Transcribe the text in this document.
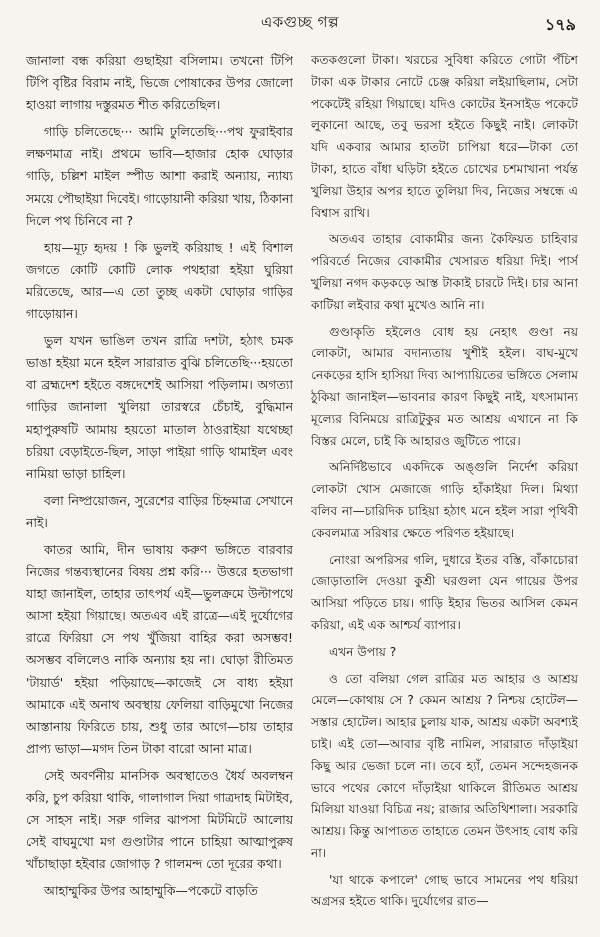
একগুচ্ছ গল্প	১৭৯

জানালা বন্ধ করিয়া গুছাইয়া বসিলাম। তখনো টিপি টিপি বৃষ্টির বিরাম নাই, ভিজে পোষাকের উপর জোলো হাওয়া লাগায় দস্তুরমত শীত করিতেছিল।

গাড়ি চলিতেছে··· আমি ঢুলিতেছি···পথ ফুরাইবার লক্ষণমাত্র নাই। প্রথমে ভাবি—হাজার হোক ঘোড়ার গাড়ি, চল্লিশ মাইল স্পীড আশা করাই অন্যায়, ন্যায্য সময়ে পৌছাইয়া দিবেই। গাড়োয়ানী করিয়া খায়, ঠিকানা দিলে পথ চিনিবে না ?

হায়—মূঢ় হৃদয় ! কি ভুলই করিয়াছ ! এই বিশাল জগতে কোটি কোটি লোক পথহারা হইয়া ঘুরিয়া মরিতেছে, আর—এ তো তুচ্ছ একটা ঘোড়ার গাড়ির গাড়োয়ান।

ভুল যখন ভাঙিল তখন রাত্রি দশটা, হঠাৎ চমক ভাঙা হইয়া মনে হইল সারারাত বুঝি চলিতেছি···হয়তো বা ব্রহ্মদেশ হইতে বঙ্গদেশেই আসিয়া পড়িলাম। অগত্যা গাড়ির জানালা খুলিয়া তারস্বরে চেঁচাই, বুদ্ধিমান মহাপুরুষটি আমায় হয়তো মাতাল ঠাওরাইয়া যথেচ্ছা চরিয়া বেড়াইতে-ছিল, সাড়া পাইয়া গাড়ি থামাইল এবং নামিয়া ভাড়া চাহিল।

বলা নিষ্প্রয়োজন, সুরেশের বাড়ির চিহ্নমাত্র সেখানে নাই।

কাতর আমি, দীন ভাষায় করুণ ভঙ্গিতে বারবার নিজের গন্তব্যস্থানের বিষয় প্রশ্ন করি··· উত্তরে হতভাগা যাহা জানাইল, তাহার তাৎপর্য এই—ভুলক্রমে উল্টাপথে আসা হইয়া গিয়াছে। অতএব এই রাত্রে—এই দুর্যোগের রাত্রে ফিরিয়া সে পথ খুঁজিয়া বাহির করা অসম্ভব! অসম্ভব বলিলেও নাকি অন্যায় হয় না। ঘোড়া রীতিমত 'টায়ার্ড' হইয়া পড়িয়াছে—কাজেই সে বাধ্য হইয়া আমাকে এই অনাথ অবস্থায় ফেলিয়া বাড়িমুখো নিজের আস্তানায় ফিরিতে চায়, শুধু তার আগে—চায় তাহার প্রাপ্য ভাড়া—মগদ তিন টাকা বারো আনা মাত্র।

সেই অবর্ণনীয় মানসিক অবস্থাতেও ধৈর্য অবলম্বন করি, চুপ করিয়া থাকি, গালাগাল দিয়া গাত্রদাহ মিটাইব, সে সাহস নাই। সরু গলির ঝাপসা মিটমিটে আলোয় সেই বাঘমুখো মগ গুণ্ডাটার পানে চাহিয়া আত্মাপুরুষ খাঁচাছাড়া হইবার জোগাড় ? গালমন্দ তো দূরের কথা।

আহাম্মুকির উপর আহাম্মুকি—পকেটে বাড়তি

কতকগুলো টাকা। খরচের সুবিধা করিতে গোটা পঁচিশ টাকা এক টাকার নোটে চেঞ্জ করিয়া লইয়াছিলাম, সেটা পকেটেই রহিয়া গিয়াছে। যদিও কোটের ইনসাইড পকেটে লুকানো আছে, তবু ভরসা হইতে কিছুই নাই। লোকটা যদি একবার আমার হাতটা চাপিয়া ধরে—টাকা তো টাকা, হাতে বাঁধা ঘড়িটা হইতে চোখের চশমাখানা পর্যন্ত খুলিয়া উহার অপর হাতে তুলিয়া দিব, নিজের সম্বন্ধে এ বিশ্বাস রাখি।

অতএব তাহার বোকামীর জন্য কৈফিয়ত চাহিবার পরিবর্তে নিজের বোকামীর খেসারত ধরিয়া দিই। পার্স খুলিয়া নগদ কড়কড়ে আস্ত টাকাই চারটে দিই। চার আনা কাটিয়া লইবার কথা মুখেও আনি না।

গুণ্ডাকৃতি হইলেও বোধ হয় নেহাৎ গুণ্ডা নয় লোকটা, আমার বদান্যতায় খুশীই হইল। বাঘ-মুখে নেকড়ের হাসি হাসিয়া দিব্য আপ্যায়িতের ভঙ্গিতে সেলাম ঠুকিয়া জানাইল—ভাবনার কারণ কিছুই নাই, যৎসামান্য মূল্যের বিনিময়ে রাত্রিটুকুর মত আশ্রয় এখানে না কি বিস্তর মেলে, চাই কি আহারও জুটিতে পারে।

অনির্দিষ্টভাবে একদিকে অঙ্গুলি নির্দেশ করিয়া লোকটা খোস মেজাজে গাড়ি হাঁকাইয়া দিল। মিথ্যা বলিব না—চারিদিক চাহিয়া হঠাৎ মনে হইল সারা পৃথিবী কেবলমাত্র সরিষার ক্ষেতে পরিণত হইয়াছে।

নোংরা অপরিসর গলি, দুধারে ইতর বস্তি, বাঁকাচোরা জোড়াতালি দেওয়া কুশ্রী ঘরগুলা যেন গায়ের উপর আসিয়া পড়িতে চায়। গাড়ি ইহার ভিতর আসিল কেমন করিয়া, এই এক আশ্চর্য ব্যাপার।

এখন উপায় ?

ও তো বলিয়া গেল রাত্রির মত আহার ও আশ্রয় মেলে—কোথায় সে ? কেমন আশ্রয় ? নিশ্চয় হোটেল—সস্তার হোটেল। আহার চুলায় যাক, আশ্রয় একটা অবশ্যই চাই। এই তো—আবার বৃষ্টি নামিল, সারারাত দাঁড়াইয়া কিছু আর ভেজা চলে না। তবে হ্যাঁ, তেমন সন্দেহজনক ভাবে পথের কোণে দাঁড়াইয়া থাকিলে রীতিমত আশ্রয় মিলিয়া যাওয়া বিচিত্র নয়; রাজার অতিথিশালা। সরকারি আশ্রয়। কিন্তু আপাতত তাহাতে তেমন উৎসাহ বোধ করি না।

'যা থাকে কপালে' গোছ ভাবে সামনের পথ ধরিয়া অগ্রসর হইতে থাকি। দুর্যোগের রাত—
